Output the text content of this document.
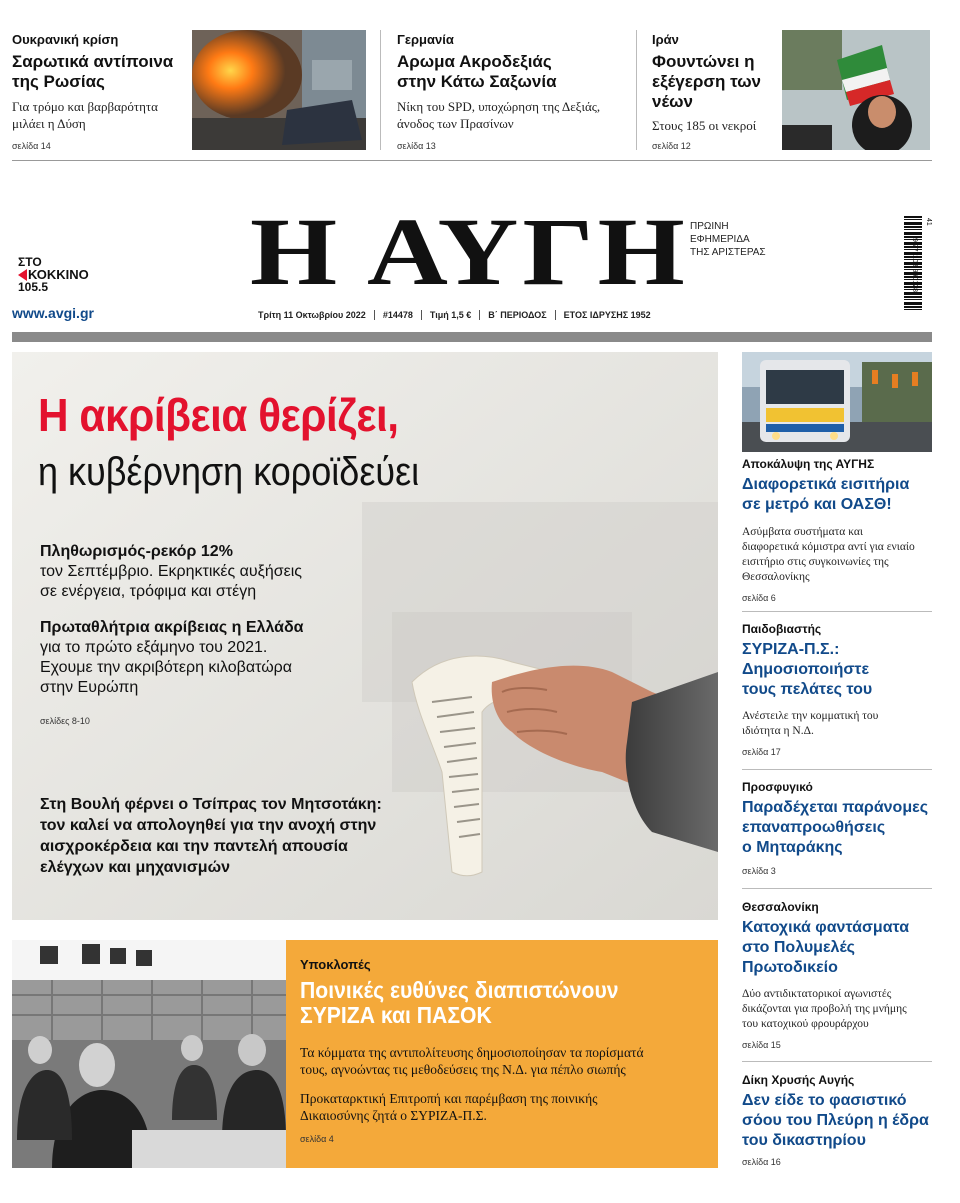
Ουκρανική κρίση
Σαρωτικά αντίποινα της Ρωσίας
Για τρόμο και βαρβαρότητα μιλάει η Δύση
σελίδα 14
Γερμανία
Αρωμα Ακροδεξιάς στην Κάτω Σαξωνία
Νίκη του SPD, υποχώρηση της Δεξιάς, άνοδος των Πρασίνων
σελίδα 13
Ιράν
Φουντώνει η εξέγερση των νέων
Στους 185 οι νεκροί
σελίδα 12
ΣΤΟ
ΚΟΚΚΙΝΟ
105.5
www.avgi.gr
Η ΑΥΓΗ ΠΡΩΙΝΗ
ΕΦΗΜΕΡΙΔΑ
ΤΗΣ ΑΡΙΣΤΕΡΑΣ	9 771108 990128
41
Τρίτη 11 Οκτωβρίου 2022	#14478	Τιμή 1,5 €	Β΄ ΠΕΡΙΟΔΟΣ	ΕΤΟΣ ΙΔΡΥΣΗΣ 1952
Η ακρίβεια θερίζει,
η κυβέρνηση κοροϊδεύει
Πληθωρισμός-ρεκόρ 12%
τον Σεπτέμβριο. Εκρηκτικές αυξήσεις
σε ενέργεια, τρόφιμα και στέγη
Πρωταθλήτρια ακρίβειας η Ελλάδα
για το πρώτο εξάμηνο του 2021.
Εχουμε την ακριβότερη κιλοβατώρα
στην Ευρώπη
σελίδες 8-10
Στη Βουλή φέρνει ο Τσίπρας τον Μητσοτάκη:
τον καλεί να απολογηθεί για την ανοχή στην
αισχροκέρδεια και την παντελή απουσία
ελέγχων και μηχανισμών
Υποκλοπές
Ποινικές ευθύνες διαπιστώνουν
ΣΥΡΙΖΑ και ΠΑΣΟΚ
Τα κόμματα της αντιπολίτευσης δημοσιοποίησαν τα πορίσματά
τους, αγνοώντας τις μεθοδεύσεις της Ν.Δ. για πέπλο σιωπής
Προκαταρκτική Επιτροπή και παρέμβαση της ποινικής
Δικαιοσύνης ζητά ο ΣΥΡΙΖΑ-Π.Σ.
σελίδα 4
Αποκάλυψη της ΑΥΓΗΣ
Διαφορετικά εισιτήρια
σε μετρό και ΟΑΣΘ!
Ασύμβατα συστήματα και
διαφορετικά κόμιστρα αντί για ενιαίο
εισιτήριο στις συγκοινωνίες της
Θεσσαλονίκης
σελίδα 6
Παιδοβιαστής
ΣΥΡΙΖΑ-Π.Σ.:
Δημοσιοποιήστε
τους πελάτες του
Ανέστειλε την κομματική του
ιδιότητα η Ν.Δ.
σελίδα 17
Προσφυγικό
Παραδέχεται παράνομες
επαναπροωθήσεις
ο Μηταράκης
σελίδα 3
Θεσσαλονίκη
Κατοχικά φαντάσματα
στο Πολυμελές
Πρωτοδικείο
Δύο αντιδικτατορικοί αγωνιστές
δικάζονται για προβολή της μνήμης
του κατοχικού φρουράρχου
σελίδα 15
Δίκη Χρυσής Αυγής
Δεν είδε το φασιστικό
σόου του Πλεύρη η έδρα
του δικαστηρίου
σελίδα 16
